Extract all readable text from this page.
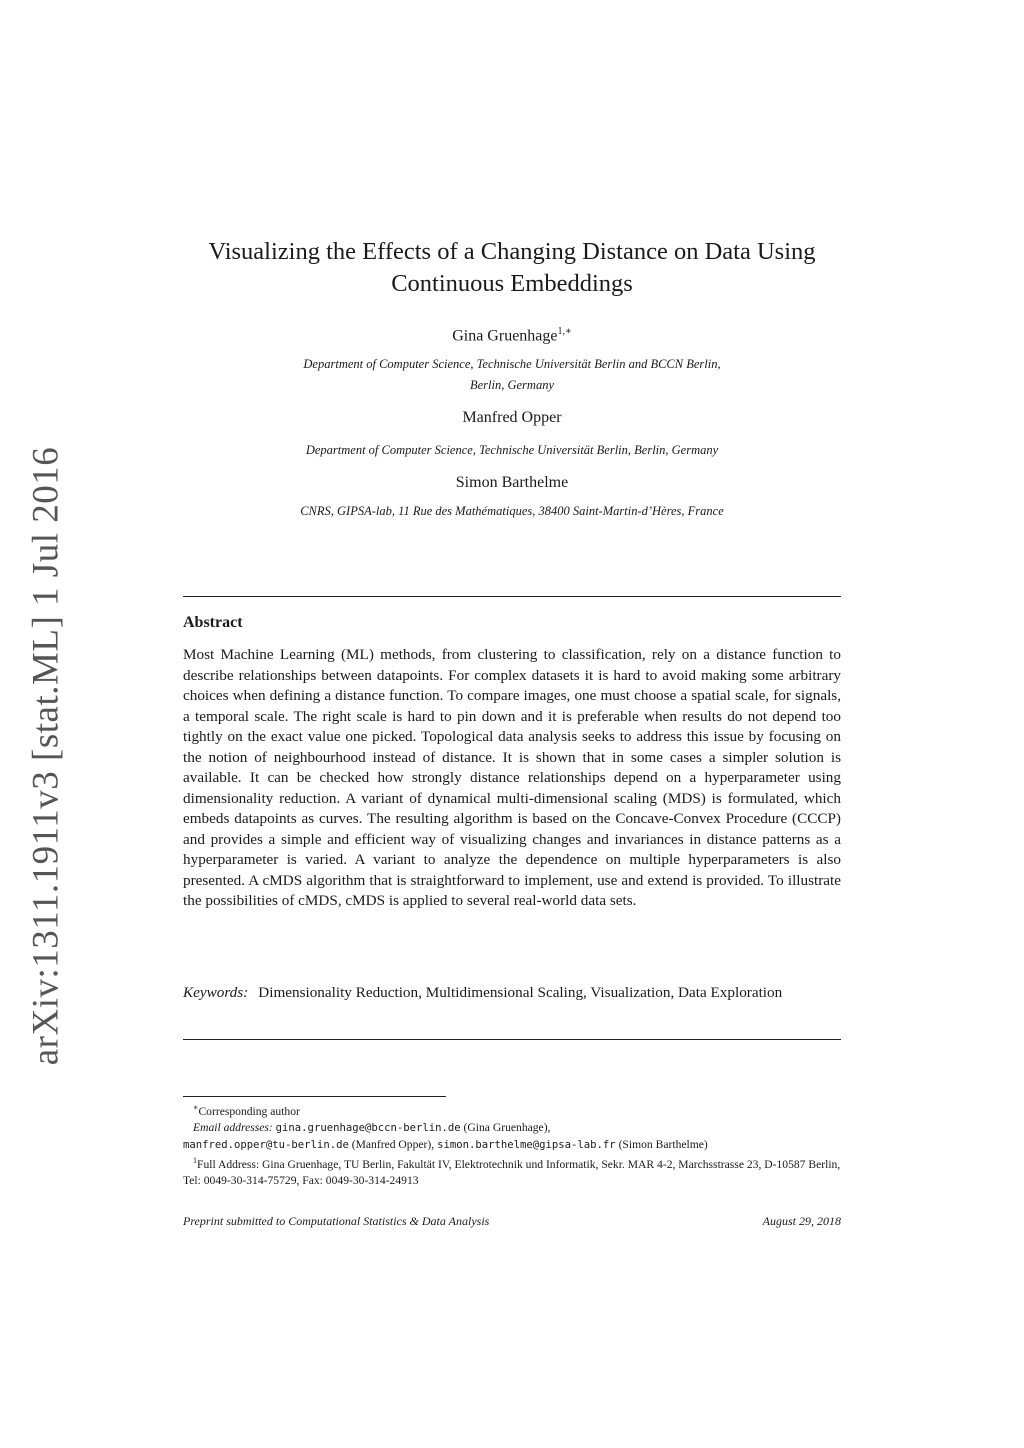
arXiv:1311.1911v3 [stat.ML] 1 Jul 2016
Visualizing the Effects of a Changing Distance on Data Using
Continuous Embeddings
Gina Gruenhage$^{1,∗}$
Department of Computer Science, Technische Universität Berlin and BCCN Berlin,
Berlin, Germany
Manfred Opper
Department of Computer Science, Technische Universität Berlin, Berlin, Germany
Simon Barthelme
CNRS, GIPSA-lab, 11 Rue des Mathématiques, 38400 Saint-Martin-d’Hères, France
Abstract
Most Machine Learning (ML) methods, from clustering to classification, rely on a distance function to describe relationships between datapoints. For complex datasets it is hard to avoid making some arbitrary choices when defining a distance function. To compare images, one must choose a spatial scale, for signals, a temporal scale. The right scale is hard to pin down and it is preferable when results do not depend too tightly on the exact value one picked. Topological data analysis seeks to address this issue by focusing on the notion of neighbourhood instead of distance. It is shown that in some cases a simpler solution is available. It can be checked how strongly distance relationships depend on a hyperparameter using dimensionality reduction. A variant of dynamical multi-dimensional scaling (MDS) is formulated, which embeds datapoints as curves. The resulting algorithm is based on the Concave-Convex Procedure (CCCP) and provides a simple and efficient way of visualizing changes and invariances in distance patterns as a hyperparameter is varied. A variant to analyze the dependence on multiple hyperparameters is also presented. A cMDS algorithm that is straightforward to implement, use and extend is provided. To illustrate the possibilities of cMDS, cMDS is applied to several real-world data sets.
Keywords: Dimensionality Reduction, Multidimensional Scaling, Visualization, Data Exploration
∗Corresponding author
Email addresses: gina.gruenhage@bccn-berlin.de (Gina Gruenhage),
manfred.opper@tu-berlin.de (Manfred Opper), simon.barthelme@gipsa-lab.fr (Simon Barthelme)
$^1$Full Address: Gina Gruenhage, TU Berlin, Fakultät IV, Elektrotechnik und Informatik, Sekr. MAR 4-2, Marchsstrasse 23, D-10587 Berlin, Tel: 0049-30-314-75729, Fax: 0049-30-314-24913
Preprint submitted to Computational Statistics & Data Analysis	August 29, 2018
